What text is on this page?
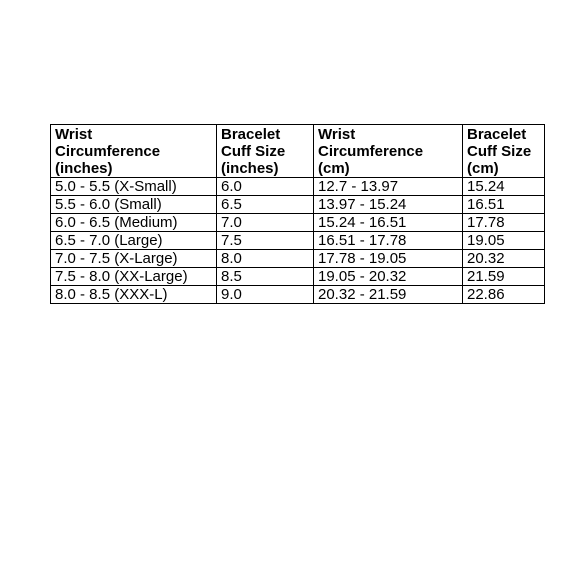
Wrist
Circumference
(inches)	Bracelet
Cuff Size
(inches)	Wrist
Circumference
(cm)	Bracelet
Cuff Size
(cm)

5.0 - 5.5 (X-Small)	6.0	12.7 - 13.97	15.24
5.5 - 6.0 (Small)	6.5	13.97 - 15.24	16.51
6.0 - 6.5 (Medium)	7.0	15.24 - 16.51	17.78
6.5 - 7.0 (Large)	7.5	16.51 - 17.78	19.05
7.0 - 7.5 (X-Large)	8.0	17.78 - 19.05	20.32
7.5 - 8.0 (XX-Large)	8.5	19.05 - 20.32	21.59
8.0 - 8.5 (XXX-L)	9.0	20.32 - 21.59	22.86
